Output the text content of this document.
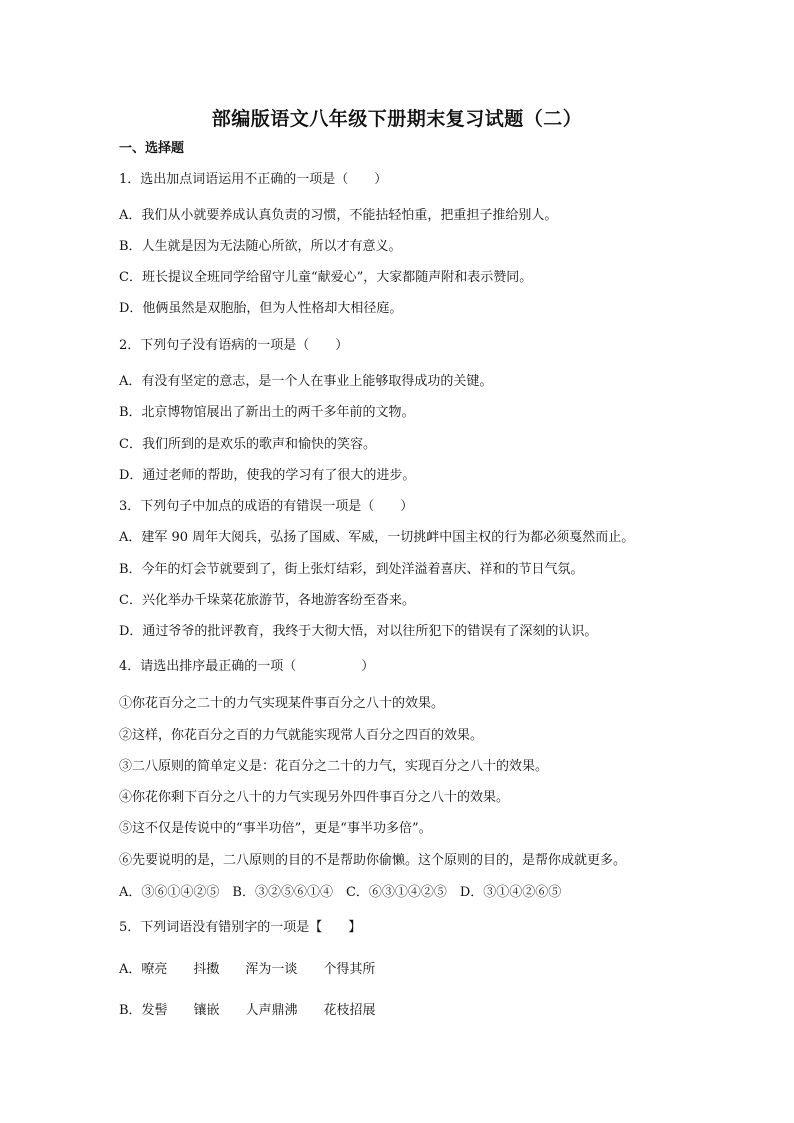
部编版语文八年级下册期末复习试题（二）
一、选择题
1．选出加点词语运用不正确的一项是（　　）
A．我们从小就要养成认真负责的习惯，不能拈轻怕重，把重担子推给别人。
B．人生就是因为无法随心所欲，所以才有意义。
C．班长提议全班同学给留守儿童“献爱心”，大家都随声附和表示赞同。
D．他俩虽然是双胞胎，但为人性格却大相径庭。
2．下列句子没有语病的一项是（　　）
A．有没有坚定的意志，是一个人在事业上能够取得成功的关键。
B．北京博物馆展出了新出土的两千多年前的文物。
C．我们所到的是欢乐的歌声和愉快的笑容。
D．通过老师的帮助，使我的学习有了很大的进步。
3．下列句子中加点的成语的有错误一项是（　　）
A．建军 90 周年大阅兵，弘扬了国威、军威，一切挑衅中国主权的行为都必须戛然而止。
B．今年的灯会节就要到了，街上张灯结彩，到处洋溢着喜庆、祥和的节日气氛。
C．兴化举办千垛菜花旅游节，各地游客纷至沓来。
D．通过爷爷的批评教育，我终于大彻大悟，对以往所犯下的错误有了深刻的认识。
4．请选出排序最正确的一项（　　　　　）
①你花百分之二十的力气实现某件事百分之八十的效果。
②这样，你花百分之百的力气就能实现常人百分之四百的效果。
③二八原则的简单定义是：花百分之二十的力气，实现百分之八十的效果。
④你花你剩下百分之八十的力气实现另外四件事百分之八十的效果。
⑤这不仅是传说中的“事半功倍”，更是“事半功多倍”。
⑥先要说明的是，二八原则的目的不是帮助你偷懒。这个原则的目的，是帮你成就更多。
A．③⑥①④②⑤　B．③②⑤⑥①④　C．⑥③①④②⑤　D．③①④②⑥⑤
5．下列词语没有错别字的一项是【　　】
A．嘹亮　　抖擞　　浑为一谈　　个得其所
B．发髻　　镶嵌　　人声鼎沸　　花枝招展
